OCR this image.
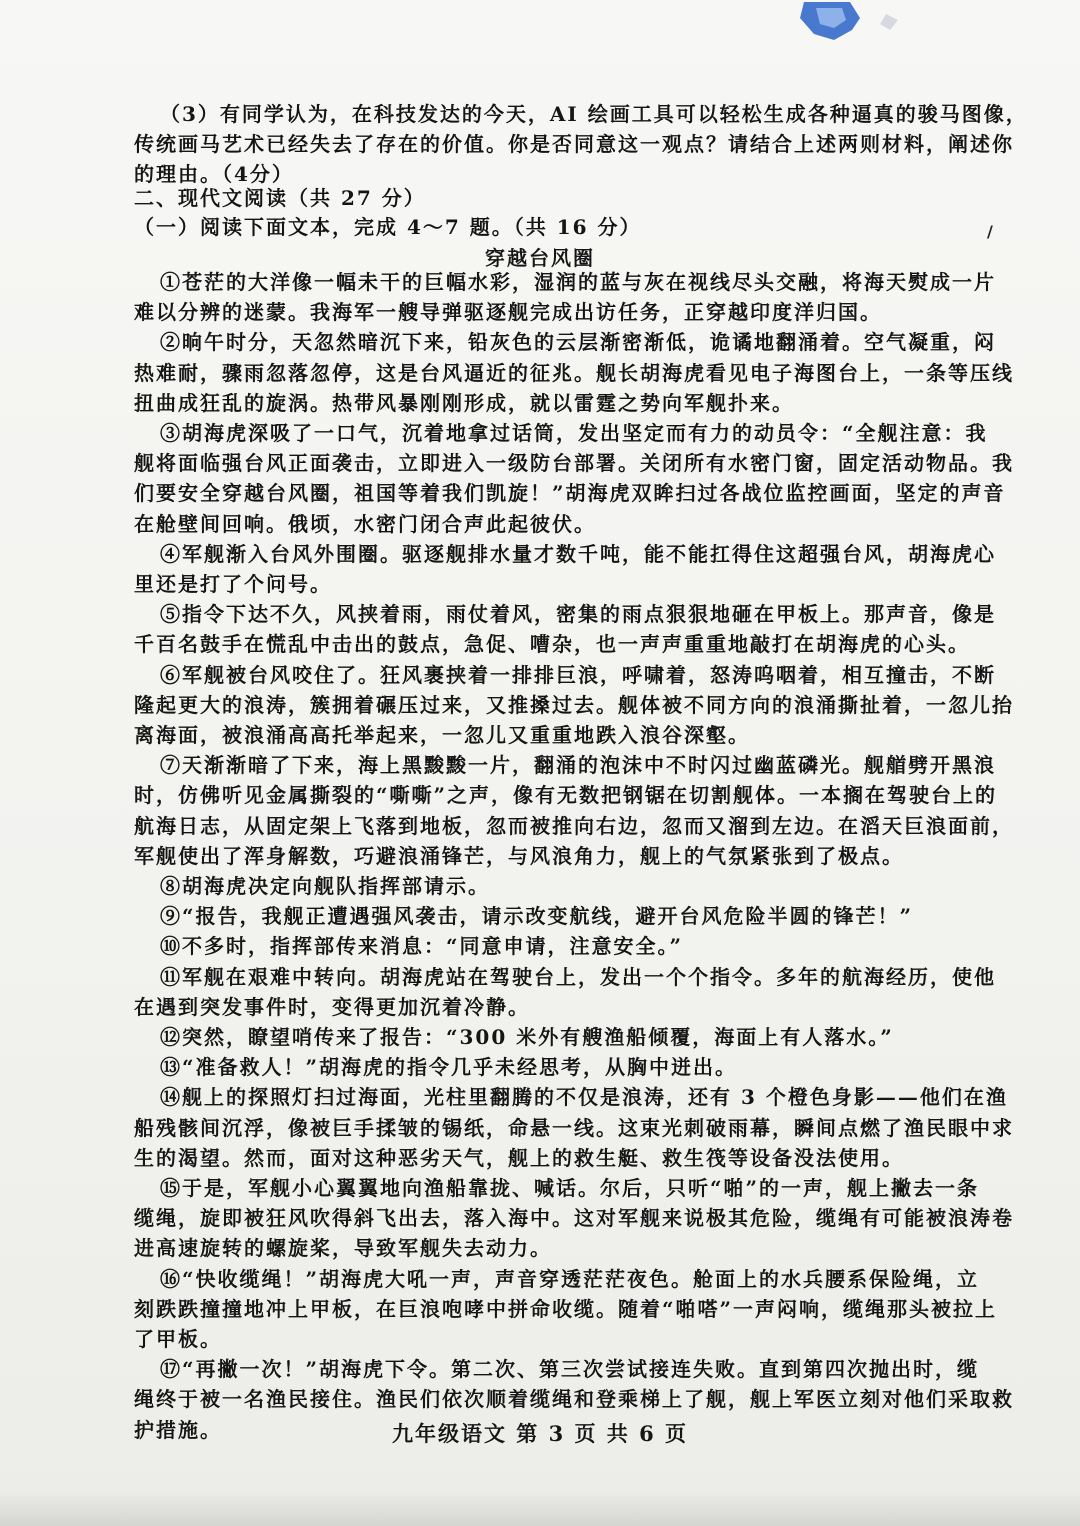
（3）有同学认为，在科技发达的今天，AI 绘画工具可以轻松生成各种逼真的骏马图像，
传统画马艺术已经失去了存在的价值。你是否同意这一观点？请结合上述两则材料，阐述你
的理由。（4分）
二、现代文阅读（共 27 分）
（一）阅读下面文本，完成 4～7 题。（共 16 分）
穿越台风圈
①苍茫的大洋像一幅未干的巨幅水彩，湿润的蓝与灰在视线尽头交融，将海天熨成一片
难以分辨的迷蒙。我海军一艘导弹驱逐舰完成出访任务，正穿越印度洋归国。
②晌午时分，天忽然暗沉下来，铅灰色的云层渐密渐低，诡谲地翻涌着。空气凝重，闷
热难耐，骤雨忽落忽停，这是台风逼近的征兆。舰长胡海虎看见电子海图台上，一条等压线
扭曲成狂乱的旋涡。热带风暴刚刚形成，就以雷霆之势向军舰扑来。
③胡海虎深吸了一口气，沉着地拿过话筒，发出坚定而有力的动员令：“全舰注意：我
舰将面临强台风正面袭击，立即进入一级防台部署。关闭所有水密门窗，固定活动物品。我
们要安全穿越台风圈，祖国等着我们凯旋！”胡海虎双眸扫过各战位监控画面，坚定的声音
在舱壁间回响。俄顷，水密门闭合声此起彼伏。
④军舰渐入台风外围圈。驱逐舰排水量才数千吨，能不能扛得住这超强台风，胡海虎心
里还是打了个问号。
⑤指令下达不久，风挟着雨，雨仗着风，密集的雨点狠狠地砸在甲板上。那声音，像是
千百名鼓手在慌乱中击出的鼓点，急促、嘈杂，也一声声重重地敲打在胡海虎的心头。
⑥军舰被台风咬住了。狂风裹挟着一排排巨浪，呼啸着，怒涛呜咽着，相互撞击，不断
隆起更大的浪涛，簇拥着碾压过来，又推搡过去。舰体被不同方向的浪涌撕扯着，一忽儿抬
离海面，被浪涌高高托举起来，一忽儿又重重地跌入浪谷深壑。
⑦天渐渐暗了下来，海上黑黢黢一片，翻涌的泡沫中不时闪过幽蓝磷光。舰艏劈开黑浪
时，仿佛听见金属撕裂的“嘶嘶”之声，像有无数把钢锯在切割舰体。一本搁在驾驶台上的
航海日志，从固定架上飞落到地板，忽而被推向右边，忽而又溜到左边。在滔天巨浪面前，
军舰使出了浑身解数，巧避浪涌锋芒，与风浪角力，舰上的气氛紧张到了极点。
⑧胡海虎决定向舰队指挥部请示。
⑨“报告，我舰正遭遇强风袭击，请示改变航线，避开台风危险半圆的锋芒！”
⑩不多时，指挥部传来消息：“同意申请，注意安全。”
⑪军舰在艰难中转向。胡海虎站在驾驶台上，发出一个个指令。多年的航海经历，使他
在遇到突发事件时，变得更加沉着冷静。
⑫突然，瞭望哨传来了报告：“300 米外有艘渔船倾覆，海面上有人落水。”
⑬“准备救人！”胡海虎的指令几乎未经思考，从胸中迸出。
⑭舰上的探照灯扫过海面，光柱里翻腾的不仅是浪涛，还有 3 个橙色身影——他们在渔
船残骸间沉浮，像被巨手揉皱的锡纸，命悬一线。这束光刺破雨幕，瞬间点燃了渔民眼中求
生的渴望。然而，面对这种恶劣天气，舰上的救生艇、救生筏等设备没法使用。
⑮于是，军舰小心翼翼地向渔船靠拢、喊话。尔后，只听“啪”的一声，舰上撇去一条
缆绳，旋即被狂风吹得斜飞出去，落入海中。这对军舰来说极其危险，缆绳有可能被浪涛卷
进高速旋转的螺旋桨，导致军舰失去动力。
⑯“快收缆绳！”胡海虎大吼一声，声音穿透茫茫夜色。舱面上的水兵腰系保险绳，立
刻跌跌撞撞地冲上甲板，在巨浪咆哮中拼命收缆。随着“啪嗒”一声闷响，缆绳那头被拉上
了甲板。
⑰“再撇一次！”胡海虎下令。第二次、第三次尝试接连失败。直到第四次抛出时，缆
绳终于被一名渔民接住。渔民们依次顺着缆绳和登乘梯上了舰，舰上军医立刻对他们采取救
护措施。
/
九年级语文 第 3 页 共 6 页
